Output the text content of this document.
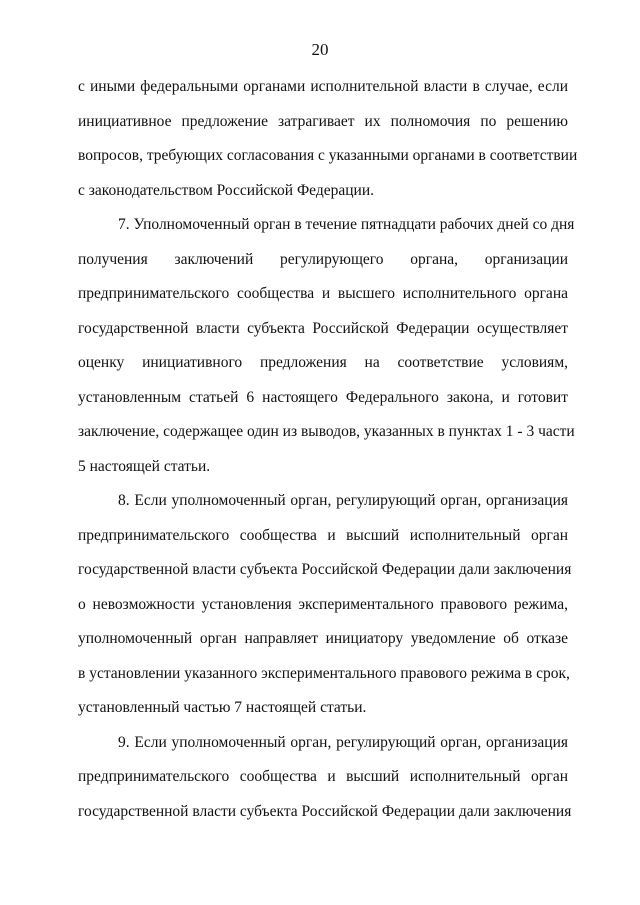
20
с иными федеральными органами исполнительной власти в случае, если
инициативное предложение затрагивает их полномочия по решению
вопросов, требующих согласования с указанными органами в соответствии
с законодательством Российской Федерации.
7. Уполномоченный орган в течение пятнадцати рабочих дней со дня
получения заключений регулирующего органа, организации
предпринимательского сообщества и высшего исполнительного органа
государственной власти субъекта Российской Федерации осуществляет
оценку инициативного предложения на соответствие условиям,
установленным статьей 6 настоящего Федерального закона, и готовит
заключение, содержащее один из выводов, указанных в пунктах 1 - 3 части
5 настоящей статьи.
8. Если уполномоченный орган, регулирующий орган, организация
предпринимательского сообщества и высший исполнительный орган
государственной власти субъекта Российской Федерации дали заключения
о невозможности установления экспериментального правового режима,
уполномоченный орган направляет инициатору уведомление об отказе
в установлении указанного экспериментального правового режима в срок,
установленный частью 7 настоящей статьи.
9. Если уполномоченный орган, регулирующий орган, организация
предпринимательского сообщества и высший исполнительный орган
государственной власти субъекта Российской Федерации дали заключения
